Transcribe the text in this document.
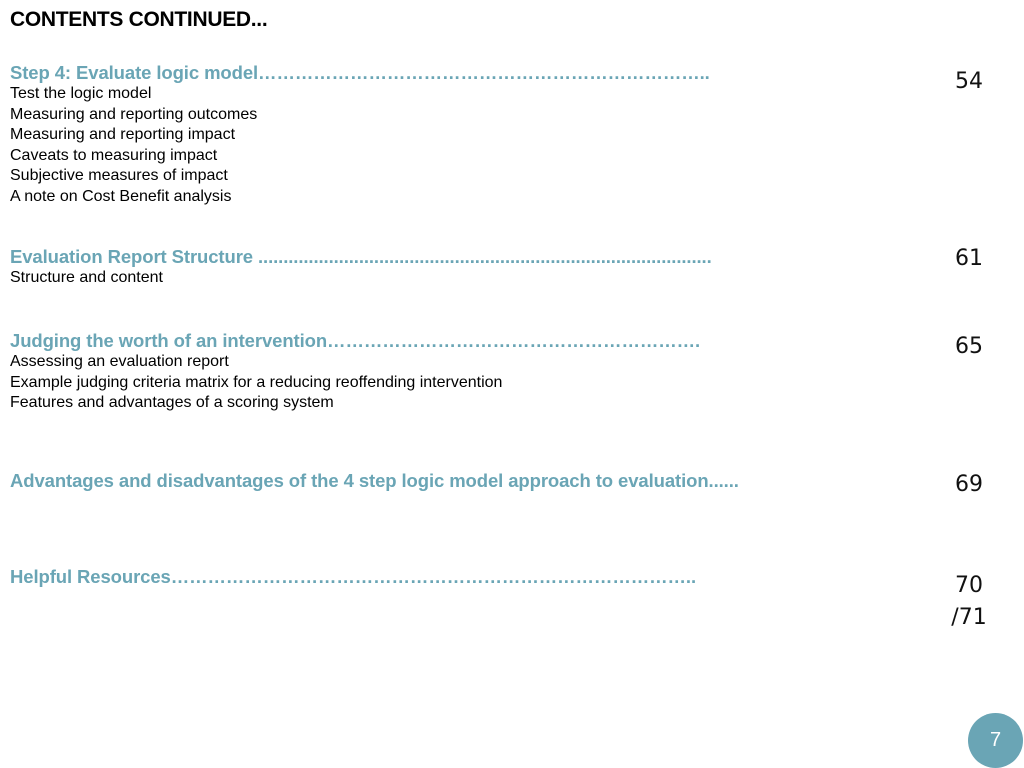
CONTENTS CONTINUED...
Step 4: Evaluate logic model………………………………………………………………..
Test the logic model
Measuring and reporting outcomes
Measuring and reporting impact
Caveats to measuring impact
Subjective measures of impact
A note on Cost Benefit analysis
54
Evaluation Report Structure ..........................................................................................
Structure and content
61
Judging the worth of an intervention…………………………………………………….
Assessing an evaluation report
Example judging criteria matrix for a reducing reoffending intervention
Features and advantages of a scoring system
65
Advantages and disadvantages of the 4 step logic model approach to evaluation......	69
Helpful Resources…………………………………………………………………………..	70
/71
7
